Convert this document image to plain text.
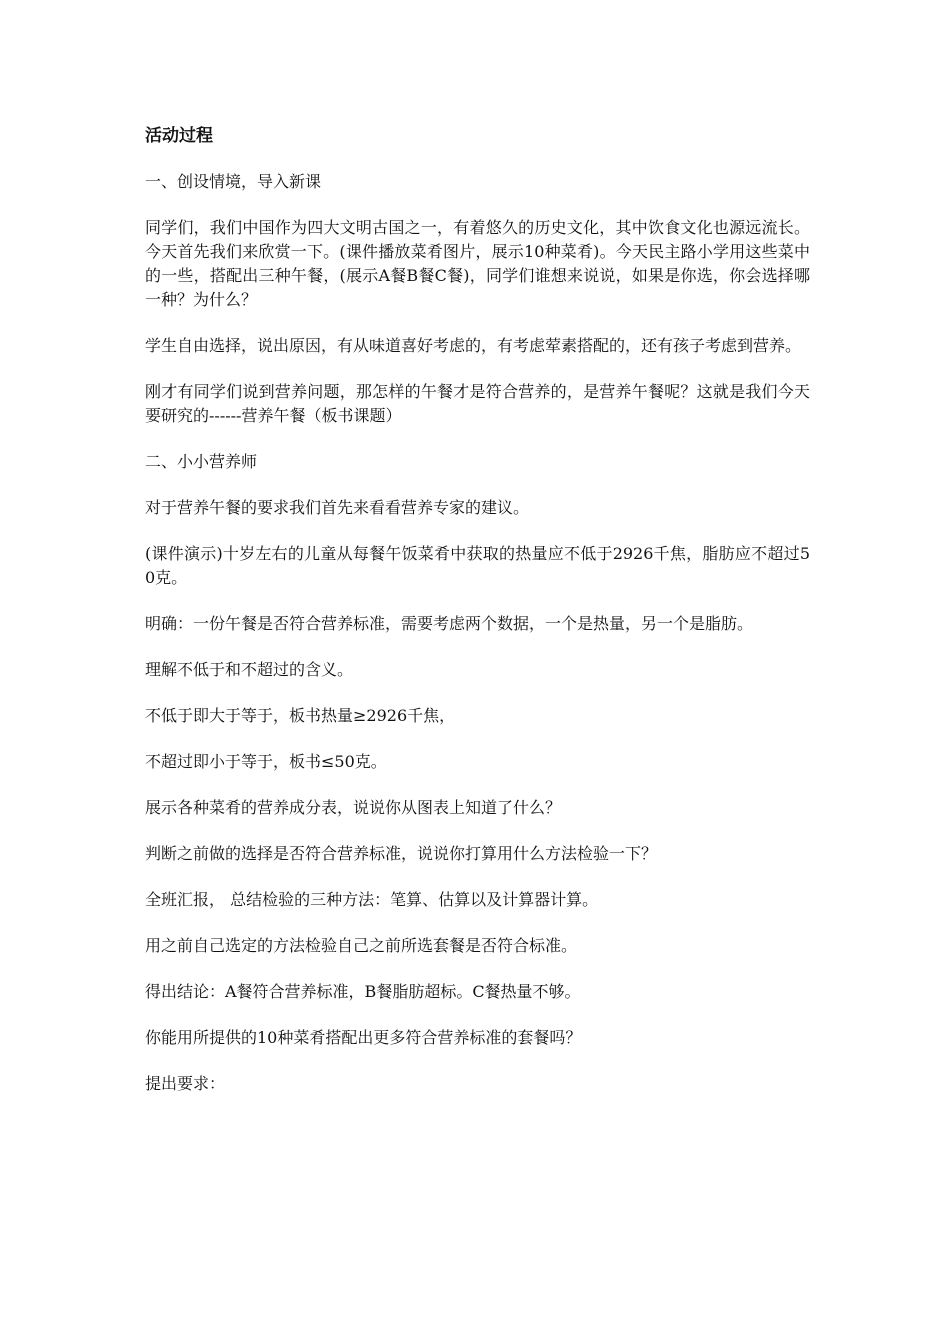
活动过程
一、创设情境，导入新课
同学们，我们中国作为四大文明古国之一，有着悠久的历史文化，其中饮食文化也源远流长。今天首先我们来欣赏一下。(课件播放菜肴图片，展示10种菜肴)。今天民主路小学用这些菜中的一些，搭配出三种午餐，(展示A餐B餐C餐)，同学们谁想来说说，如果是你选，你会选择哪一种？为什么？
学生自由选择，说出原因，有从味道喜好考虑的，有考虑荤素搭配的，还有孩子考虑到营养。
刚才有同学们说到营养问题，那怎样的午餐才是符合营养的，是营养午餐呢？这就是我们今天要研究的------营养午餐（板书课题）
二、小小营养师
对于营养午餐的要求我们首先来看看营养专家的建议。
(课件演示)十岁左右的儿童从每餐午饭菜肴中获取的热量应不低于2926千焦，脂肪应不超过50克。
明确：一份午餐是否符合营养标准，需要考虑两个数据，一个是热量，另一个是脂肪。
理解不低于和不超过的含义。
不低于即大于等于，板书热量≥2926千焦，
不超过即小于等于，板书≤50克。
展示各种菜肴的营养成分表，说说你从图表上知道了什么？
判断之前做的选择是否符合营养标准，说说你打算用什么方法检验一下？
全班汇报， 总结检验的三种方法：笔算、估算以及计算器计算。
用之前自己选定的方法检验自己之前所选套餐是否符合标准。
得出结论：A餐符合营养标准，B餐脂肪超标。C餐热量不够。
你能用所提供的10种菜肴搭配出更多符合营养标准的套餐吗？
提出要求：
